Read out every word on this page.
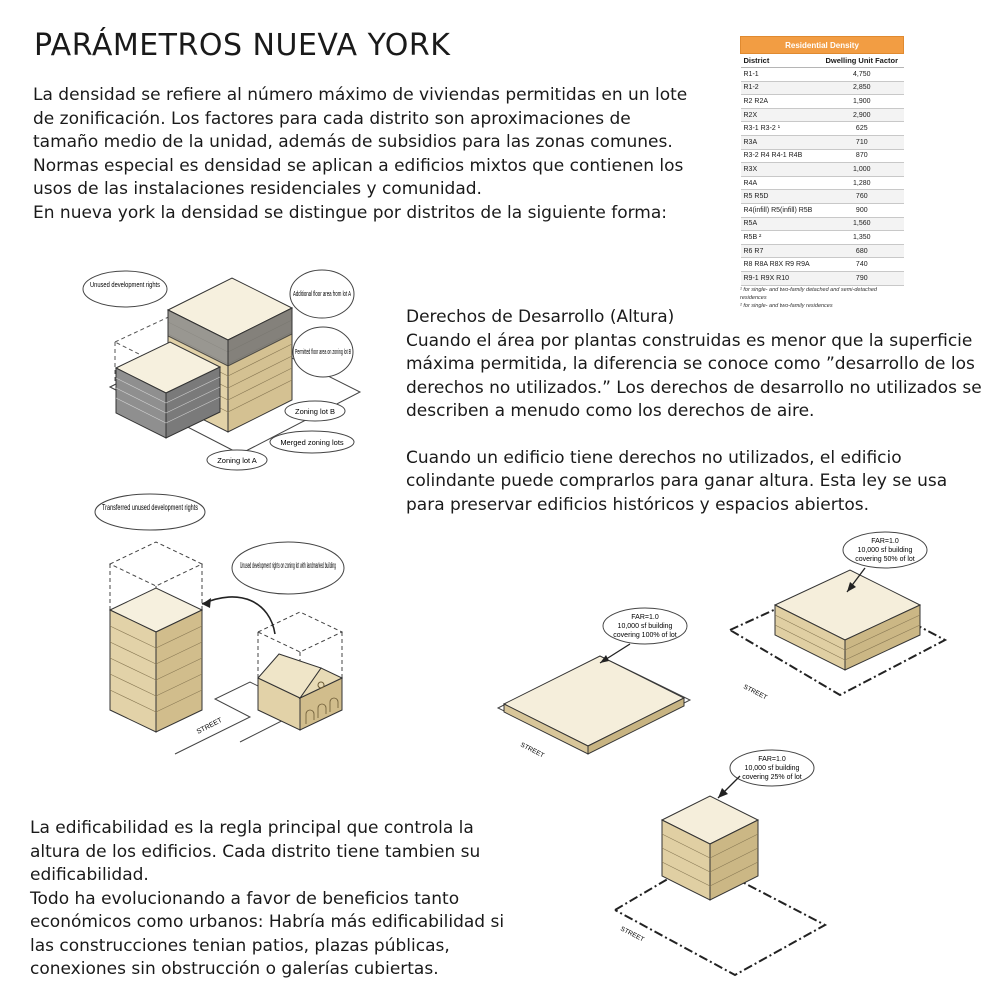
PARÁMETROS NUEVA YORK

La densidad se refiere al número máximo de viviendas permitidas en un lote de zonificación. Los factores para cada distrito son aproximaciones de tamaño medio de la unidad, además de subsidios para las zonas comunes. Normas especial es densidad se aplican a edificios mixtos que contienen los usos de las instalaciones residenciales y comunidad.

En nueva york la densidad se distingue por distritos de la siguiente forma:

Residential Density	
District	Dwelling Unit Factor
R1-1	4,750
R1-2	2,850
R2 R2A	1,900
R2X	2,900
R3-1 R3-2 ¹	625
R3A	710
R3-2 R4 R4-1 R4B	870
R3X	1,000
R4A	1,280
R5 R5D	760
R4(infill) R5(infill) R5B	900
R5A	1,560
R5B ²	1,350
R6 R7	680
R8 R8A R8X R9 R9A	740
R9-1 R9X R10	790
¹ for single- and two-family detached and semi-detached residences
² for single- and two-family residences
Unused development rights
Additional floor area from lot A
Permitted floor area on zoning lot B
Zoning lot B
Merged zoning lots
Zoning lot A
STREET
Transferred unused development rights
Unused development rights on zoning lot with landmarked building

Derechos de Desarrollo (Altura)

Cuando el área por plantas construidas es menor que la superficie máxima permitida, la diferencia se conoce como ”desarrollo de los derechos no utilizados.” Los derechos de desarrollo no utilizados se describen a menudo como los derechos de aire.

Cuando un edificio tiene derechos no utilizados, el edificio colindante puede comprarlos para ganar altura. Esta ley se usa para preservar edificios históricos y espacios abiertos.

STREET
FAR=1.0
10,000 sf building
covering 100% of lot
STREET
FAR=1.0
10,000 sf building
covering 50% of lot
STREET
FAR=1.0
10,000 sf building
covering 25% of lot

La edificabilidad es la regla principal que controla la altura de los edificios. Cada distrito tiene tambien su edificabilidad.

Todo ha evolucionando a favor de beneficios tanto económicos como urbanos: Habría más edificabilidad si las construcciones tenian patios, plazas públicas, conexiones sin obstrucción o galerías cubiertas.
